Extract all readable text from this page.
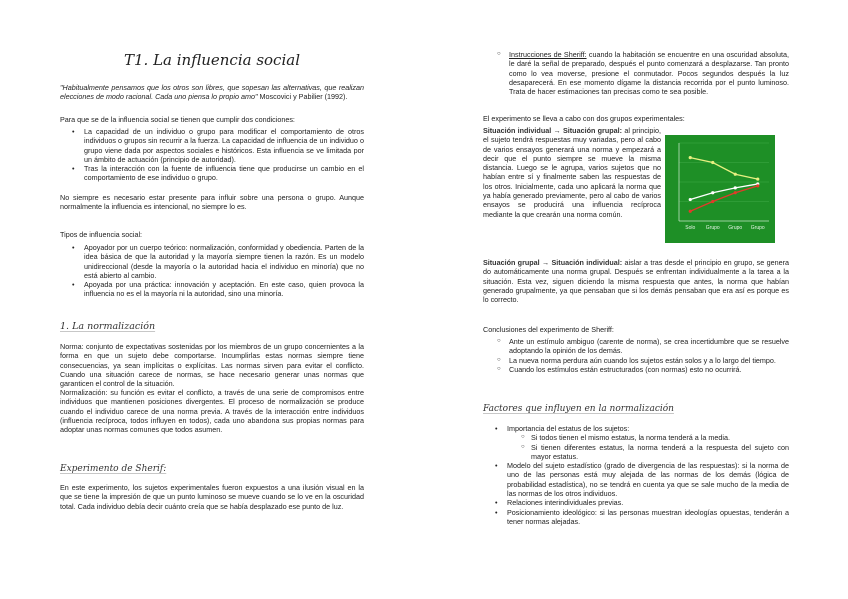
T1. La influencia social
"Habitualmente pensamos que los otros son libres, que sopesan las alternativas, que realizan elecciones de modo racional. Cada uno piensa lo propio amo" Moscovici y Pabilier (1992).
Para que se de la influencia social se tienen que cumplir dos condiciones:
• La capacidad de un individuo o grupo para modificar el comportamiento de otros individuos o grupos sin recurrir a la fuerza. La capacidad de influencia de un individuo o grupo viene dada por aspectos sociales e históricos. Esta influencia se ve limitada por un ámbito de actuación (principio de autoridad).
• Tras la interacción con la fuente de influencia tiene que producirse un cambio en el comportamiento de ese individuo o grupo.
No siempre es necesario estar presente para influir sobre una persona o grupo. Aunque normalmente la influencia es intencional, no siempre lo es.
Tipos de influencia social:
• Apoyador por un cuerpo teórico: normalización, conformidad y obediencia. Parten de la idea básica de que la autoridad y la mayoría siempre tienen la razón. Es un modelo unidireccional (desde la mayoría o la autoridad hacia el individuo en minoría) que no está abierto al cambio.
• Apoyada por una práctica: innovación y aceptación. En este caso, quien provoca la influencia no es el la mayoría ni la autoridad, sino una minoría.
1. La normalización
Norma: conjunto de expectativas sostenidas por los miembros de un grupo concernientes a la forma en que un sujeto debe comportarse. Incumplirlas estas normas siempre tiene consecuencias, ya sean implícitas o explícitas. Las normas sirven para evitar el conflicto. Cuando una situación carece de normas, se hace necesario generar unas normas que garanticen el control de la situación.
Normalización: su función es evitar el conflicto, a través de una serie de compromisos entre individuos que mantienen posiciones divergentes. El proceso de normalización se produce cuando el individuo carece de una norma previa. A través de la interacción entre individuos (influencia recíproca, todos influyen en todos), cada uno abandona sus propias normas para adoptar unas normas comunes que todos asumen.
Experimento de Sherif:
En este experimento, los sujetos experimentales fueron expuestos a una ilusión visual en la que se tiene la impresión de que un punto luminoso se mueve cuando se lo ve en la oscuridad total. Cada individuo debía decir cuánto creía que se había desplazado ese punto de luz.
○ Instrucciones de Sheriff: cuando la habitación se encuentre en una oscuridad absoluta, le daré la señal de preparado, después el punto comenzará a desplazarse. Tan pronto como lo vea moverse, presione el conmutador. Pocos segundos después la luz desaparecerá. En ese momento dígame la distancia recorrida por el punto luminoso. Trata de hacer estimaciones tan precisas como te sea posible.
El experimento se lleva a cabo con dos grupos experimentales:
Situación individual → Situación grupal: al principio, el sujeto tendrá respuestas muy variadas, pero al cabo de varios ensayos generará una norma y empezará a decir que el punto siempre se mueve la misma distancia. Luego se le agrupa, varios sujetos que no habían entre sí y finalmente saben las respuestas de los otros. Inicialmente, cada uno aplicará la norma que ya había generado previamente, pero al cabo de varios ensayos se producirá una influencia recíproca mediante la que crearán una norma común.
Situación grupal → Situación individual: aislar a tras desde el principio en grupo, se genera do automáticamente una norma grupal. Después se enfrentan individualmente a la tarea a la situación. Esta vez, siguen diciendo la misma respuesta que antes, la norma que habían generado grupalmente, ya que pensaban que si los demás pensaban que era así es porque es lo correcto.
Conclusiones del experimento de Sheriff:
○ Ante un estímulo ambiguo (carente de norma), se crea incertidumbre que se resuelve adoptando la opinión de los demás.
○ La nueva norma perdura aún cuando los sujetos están solos y a lo largo del tiempo.
○ Cuando los estímulos están estructurados (con normas) esto no ocurrirá.
Factores que influyen en la normalización
• Importancia del estatus de los sujetos:
○ Si todos tienen el mismo estatus, la norma tenderá a la media.
○ Si tienen diferentes estatus, la norma tenderá a la respuesta del sujeto con mayor estatus.
• Modelo del sujeto estadístico (grado de divergencia de las respuestas): si la norma de uno de las personas está muy alejada de las normas de los demás (lógica de probabilidad estadística), no se tendrá en cuenta ya que se sale mucho de la media de las normas de los otros individuos.
• Relaciones interindividuales previas.
• Posicionamiento ideológico: si las personas muestran ideologías opuestas, tenderán a tener normas alejadas.
Solo Grupo Grupo Grupo
